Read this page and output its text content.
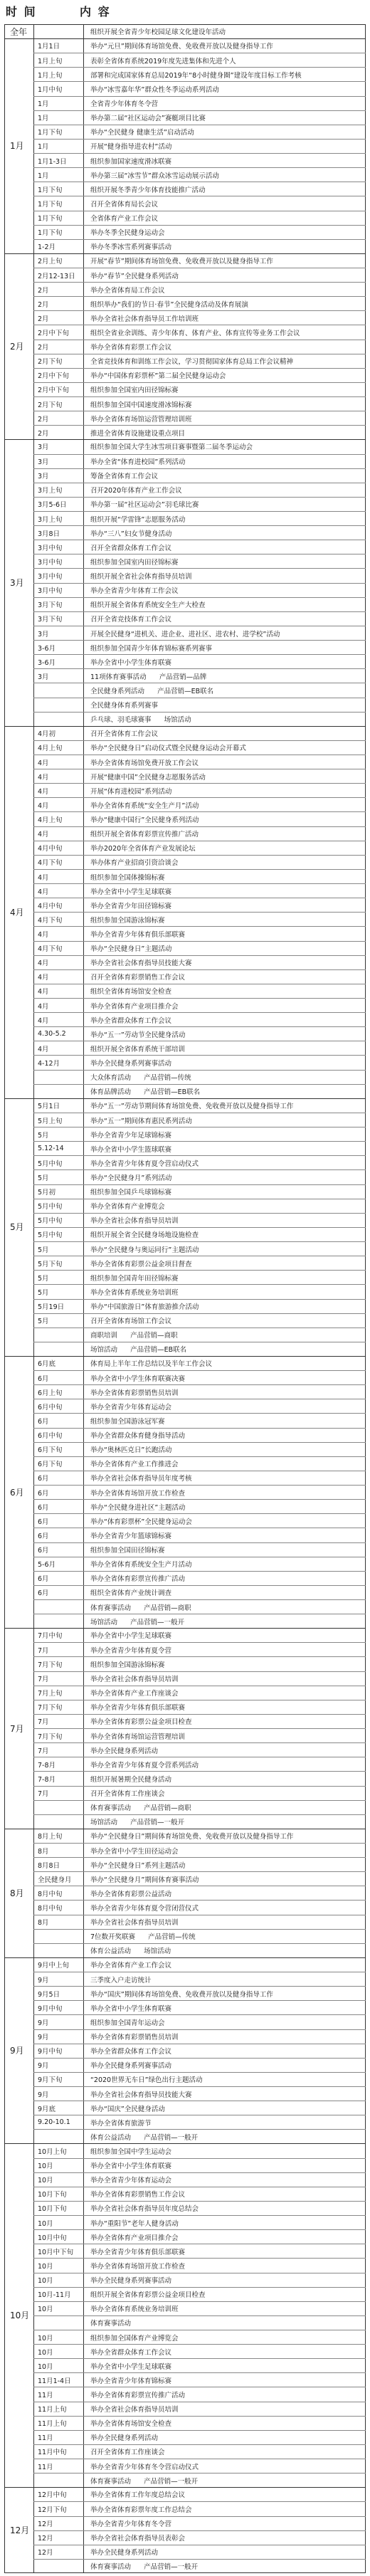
时 间	内 容
全年	组织开展全省青少年校园足球文化建设年活动
1月
1月1日	举办“元旦”期间体育场馆免费、免收费开放以及健身指导工作
1月上旬	表彰全省体育系统2019年度先进集体和先进个人
1月上旬	部署和完成国家体育总局2019年“8小时健身圈”建设年度目标工作考核
1月中旬	举办“冰雪嘉年华”群众性冬季运动系列活动
1月	全省青少年体育冬令营
1月	举办第二届“社区运动会”赛艇项目比赛
1月下旬	举办“全民健身 健康生活”启动活动
1月	开展“健身指导进农村”活动
1月1-3日	组织参加国家速度滑冰联赛
1月	举办第三届“冰雪节”群众冰雪运动展示活动
1月下旬	组织开展冬季青少年体育技能推广活动
1月下旬	召开全省体育局长会议
1月下旬	全省体育产业工作会议
1月下旬	举办冬季全民健身运动会
1-2月	举办冬季冰雪系列赛事活动
2月
2月上旬	开展“春节”期间体育场馆免费、免收费开放以及健身指导工作
2月12-13日	举办“春节”全民健身系列活动
2月	举办全省体育局工作会议
2月	组织举办“我们的节日·春节”全民健身活动及体育展演
2月	举办全省社会体育指导员工作培训班
2月中下旬	组织全省业余训练、青少年体育、体育产业、体育宣传等业务工作会议
2月	举办全省体育彩票工作会议
2月下旬	全省竞技体育和训练工作会议，学习贯彻国家体育总局工作会议精神
2月中下旬	举办“中国体育彩票杯”第二届全民健身运动会
2月中下旬	组织参加全国室内田径锦标赛
2月下旬	组织参加全国中国速度滑冰锦标赛
2月	举办全省体育场馆运营管理培训班
2月	推进全省体育设施建设重点项目
3月
3月	组织参加全国大学生冰雪项目赛事暨第二届冬季运动会
3月	举办全省“体育进校园”系列活动
3月	筹备全省体育工作会议
3月上旬	召开2020年体育产业工作会议
3月5-6日	举办第一届“社区运动会”羽毛球比赛
3月上旬	组织开展“学雷锋”志愿服务活动
3月8日	举办“三八”妇女节健身活动
3月中旬	召开全省群众体育工作会议
3月中旬	组织参加全国室内田径锦标赛
3月中旬	组织开展全省社会体育指导员培训
3月中旬	举办全省青少年体育工作会议
3月下旬	组织开展全省体育系统安全生产大检查
3月下旬	召开全省竞技体育工作会议
3月	开展全民健身“进机关、进企业、进社区、进农村、进学校”活动
3-6月	组织参加全国青少年体育锦标赛系列赛事
3-6月	举办全省中小学生体育联赛
3月	11项体育赛事活动      产品营销—品牌
全民健身系列活动      产品营销—EB联名
全民健身体育系列赛事
乒乓球、羽毛球赛事      场馆活动
4月
4月初	召开全省体育工作会议
4月上旬	举办“全民健身日”启动仪式暨全民健身运动会开幕式
4月	举办全省体育场馆免费开放工作会议
4月	开展“健康中国”全民健身志愿服务活动
4月	开展“体育进校园”系列活动
4月	举办全省体育系统“安全生产月”活动
4月上旬	举办“健康中国行”全民健身系列活动
4月	组织开展全省体育彩票宣传推广活动
4月中旬	举办2020年全省体育产业发展论坛
4月下旬	举办体育产业招商引资洽谈会
4月	组织参加全国体操锦标赛
4月	举办全省中小学生足球联赛
4月中旬	举办全省青少年田径锦标赛
4月下旬	组织参加全国游泳锦标赛
4月	举办全省青少年体育俱乐部联赛
4月下旬	举办“全民健身日”主题活动
4月	举办全省社会体育指导员技能大赛
4月	召开全省体育彩票销售工作会议
4月	组织全省体育场馆安全检查
4月	举办全省体育产业项目推介会
4月	举办全省群众体育工作会议
4.30-5.2	举办“五一”劳动节全民健身活动
4月	组织开展全省体育系统干部培训
4-12月	举办全民健身系列赛事活动
大众体育活动      产品营销—传统
体育品牌活动      产品营销—EB联名
5月
5月1日	举办“五一”劳动节期间体育场馆免费、免收费开放以及健身指导工作
5月上旬	举办“五一”期间体育惠民系列活动
5月	举办全省青少年足球锦标赛
5.12-14	举办全省中小学生篮球联赛
5月中旬	举办全省青少年体育夏令营启动仪式
5月	举办“全民健身月”系列活动
5月初	组织参加全国乒乓球锦标赛
5月中旬	举办全省体育产业博览会
5月中旬	举办全省社会体育指导员培训
5月中旬	组织开展全省全民健身场地设施检查
5月	举办“全民健身与奥运同行”主题活动
5月下旬	举办全省体育彩票公益金项目督查
5月	组织参加全国青年田径锦标赛
5月	举办全省体育系统业务培训班
5月19日	举办“中国旅游日”体育旅游推介活动
5月	召开全省体育场馆工作会议
商职培训      产品营销—商职
场馆活动      产品营销—EB联名
6月
6月底	体育局上半年工作总结以及半年工作会议
6月	举办全省中小学生体育联赛决赛
6月上旬	举办全省体育彩票销售员培训
6月中旬	举办全省青少年体育运动会
6月	组织参加全国游泳冠军赛
6月中旬	举办全省群众体育健身指导活动
6月下旬	举办“奥林匹克日”长跑活动
6月下旬	举办全省体育产业工作推进会
6月	举办全省社会体育指导员年度考核
6月	举办全省体育场馆开放工作检查
6月	举办“全民健身进社区”主题活动
6月	举办“体育彩票杯”全民健身运动会
6月	举办全省青少年篮球锦标赛
6月	组织参加全国田径锦标赛
5-6月	举办全省体育系统安全生产月活动
6月	举办全省体育彩票宣传推广活动
6月	组织全省体育产业统计调查
体育赛事活动      产品营销—商职
场馆活动      产品营销—一般开
7月
7月中旬	举办全省中小学生足球联赛
7月	举办全省青少年体育夏令营
7月下旬	组织参加全国游泳锦标赛
7月	举办全省社会体育指导员培训
7月上旬	举办全省体育产业工作座谈会
7月下旬	举办全省青少年体育俱乐部联赛
7月	举办全省体育彩票公益金项目检查
7月下旬	举办全省体育场馆运营管理培训
7月	举办全民健身系列活动
7-8月	举办全省青少年体育夏令营系列活动
7-8月	组织开展暑期全民健身活动
7月	召开全省体育工作座谈会
体育赛事活动      产品营销—商职
场馆活动      产品营销—一般开
8月
8月上旬	举办“全民健身日”期间体育场馆免费、免收费开放以及健身指导工作
8月	举办全省中小学生田径运动会
8月8日	举办“全民健身日”系列主题活动
全民健身月	举办“全民健身月”期间体育赛事活动
8月中旬	举办全省体育彩票公益活动
8月中旬	举办全省青少年体育夏令营闭营仪式
8月	举办全省社会体育指导员培训
7位数开奖联赛      产品营销—传统
体育公益活动      场馆活动
9月
9月中上旬	举办全省体育产业工作会议
9月	三季度入户走访统计
9月5日	举办“国庆”期间体育场馆免费、免收费开放以及健身指导工作
9月中旬	举办全省中小学生体育联赛
9月	组织参加全国青年运动会
9月	举办全省体育彩票销售员培训
9月中旬	举办全省群众体育工作会议
9月	举办全民健身系列赛事活动
9月下旬	“2020世界无车日”绿色出行主题活动
9月	举办全省社会体育指导员技能大赛
9月底	举办“国庆”全民健身活动
9.20-10.1	举办全省体育旅游节
体育公益活动      产品营销—一般开
10月
10月上旬	组织参加全国中学生运动会
10月	举办全省中小学生体育联赛
10月	举办全省青少年体育运动会
10月下旬	举办全省体育彩票销售工作会议
10月下旬	举办全省社会体育指导员年度总结会
10月	举办“重阳节”老年人健身活动
10月中旬	举办全省体育产业项目推介会
10月中下旬	举办全省青少年体育俱乐部联赛
10月	举办全省体育场馆开放工作检查
10月	举办全民健身系列赛事活动
10月-11月	组织开展全省体育彩票公益金项目检查
10月	举办全省体育系统业务培训班
体育赛事活动
10月	组织参加全国体育产业博览会
10月	举办全省群众体育工作会议
10月	举办全省中小学生足球联赛
11月1-4日	举办全省青少年体育锦标赛
11月	举办全省体育彩票宣传推广活动
11月上旬	举办全省社会体育指导员培训
11月上旬	举办全省体育场馆安全检查
11月	举办全民健身系列活动
11月中旬	召开全省体育工作座谈会
11月	举办全省青少年体育冬令营启动仪式
体育赛事活动      产品营销—一般开
12月
12月中旬	举办全省体育工作年度总结会议
12月下旬	举办全省体育彩票年度工作总结会
12月	举办全省青少年体育冬令营
12月	举办全省社会体育指导员表彰会
12月	举办全民健身系列活动
体育赛事活动      产品营销—一般开
